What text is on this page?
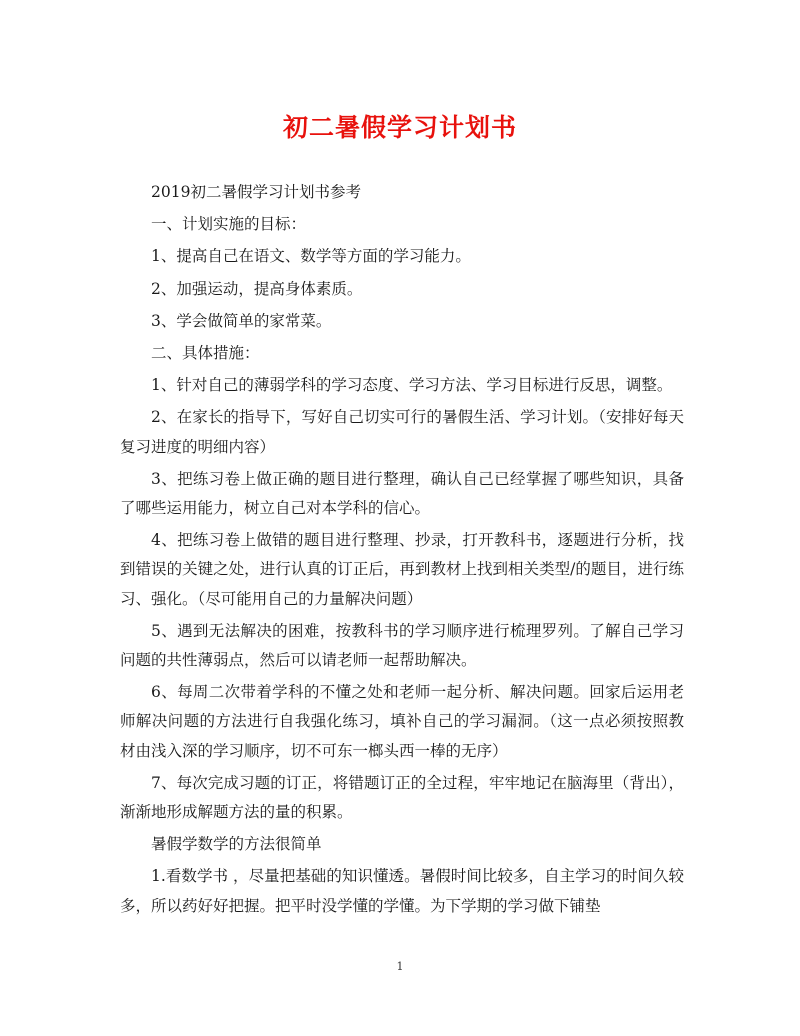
初二暑假学习计划书

2019初二暑假学习计划书参考

一、计划实施的目标：

1、提高自己在语文、数学等方面的学习能力。

2、加强运动，提高身体素质。

3、学会做简单的家常菜。

二、具体措施：

1、针对自己的薄弱学科的学习态度、学习方法、学习目标进行反思，调整。

2、在家长的指导下，写好自己切实可行的暑假生活、学习计划。（安排好每天复习进度的明细内容）

3、把练习卷上做正确的题目进行整理，确认自己已经掌握了哪些知识，具备了哪些运用能力，树立自己对本学科的信心。

4、把练习卷上做错的题目进行整理、抄录，打开教科书，逐题进行分析，找到错误的关键之处，进行认真的订正后，再到教材上找到相关类型/的题目，进行练习、强化。（尽可能用自己的力量解决问题）

5、遇到无法解决的困难，按教科书的学习顺序进行梳理罗列。了解自己学习问题的共性薄弱点，然后可以请老师一起帮助解决。

6、每周二次带着学科的不懂之处和老师一起分析、解决问题。回家后运用老师解决问题的方法进行自我强化练习，填补自己的学习漏洞。（这一点必须按照教材由浅入深的学习顺序，切不可东一榔头西一棒的无序）

7、每次完成习题的订正，将错题订正的全过程，牢牢地记在脑海里（背出），渐渐地形成解题方法的量的积累。

暑假学数学的方法很简单

1.看数学书 ，尽量把基础的知识懂透。暑假时间比较多，自主学习的时间久较多，所以药好好把握。把平时没学懂的学懂。为下学期的学习做下铺垫

1
